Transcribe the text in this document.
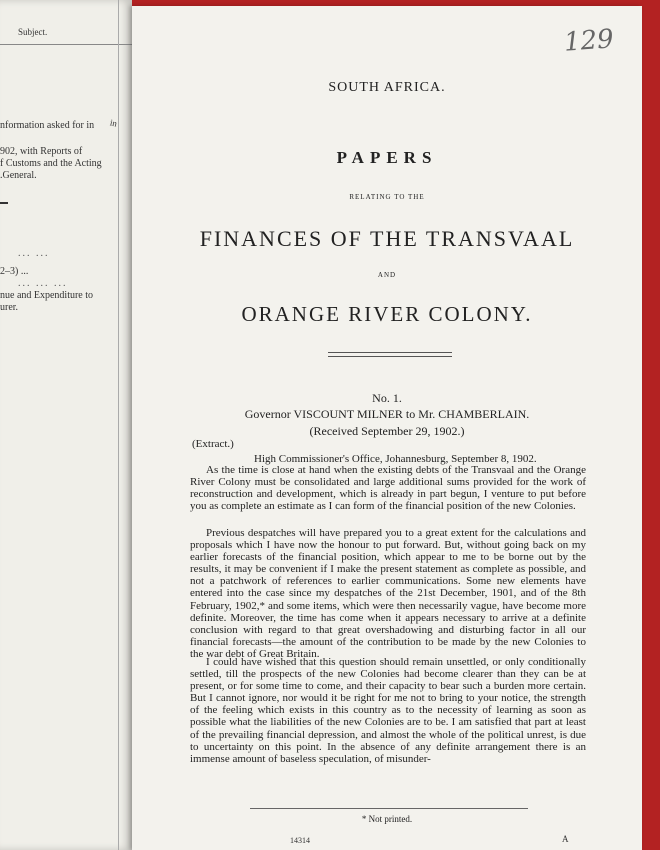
Subject.
nformation asked for in
902, with Reports of
f Customs and the Acting
.General.
... ...
2–3) ...
... ... ...
nue and Expenditure to
urer.
in
129
SOUTH AFRICA.
PAPERS
RELATING TO THE
FINANCES OF THE TRANSVAAL
AND
ORANGE RIVER COLONY.
No. 1.
Governor VISCOUNT MILNER to Mr. CHAMBERLAIN.
(Received September 29, 1902.)
(Extract.)
High Commissioner's Office, Johannesburg, September 8, 1902.

As the time is close at hand when the existing debts of the Transvaal and the Orange River Colony must be consolidated and large additional sums provided for the work of reconstruction and development, which is already in part begun, I venture to put before you as complete an estimate as I can form of the financial position of the new Colonies.

Previous despatches will have prepared you to a great extent for the calculations and proposals which I have now the honour to put forward. But, without going back on my earlier forecasts of the financial position, which appear to me to be borne out by the results, it may be convenient if I make the present statement as complete as possible, and not a patchwork of references to earlier communications. Some new elements have entered into the case since my despatches of the 21st December, 1901, and of the 8th February, 1902,* and some items, which were then necessarily vague, have become more definite. Moreover, the time has come when it appears necessary to arrive at a definite conclusion with regard to that great overshadowing and disturbing factor in all our financial forecasts—the amount of the contribution to be made by the new Colonies to the war debt of Great Britain.

I could have wished that this question should remain unsettled, or only conditionally settled, till the prospects of the new Colonies had become clearer than they can be at present, or for some time to come, and their capacity to bear such a burden more certain. But I cannot ignore, nor would it be right for me not to bring to your notice, the strength of the feeling which exists in this country as to the necessity of learning as soon as possible what the liabilities of the new Colonies are to be. I am satisfied that part at least of the prevailing financial depression, and almost the whole of the political unrest, is due to uncertainty on this point. In the absence of any definite arrangement there is an immense amount of baseless speculation, of misunder-

* Not printed.
14314	A
